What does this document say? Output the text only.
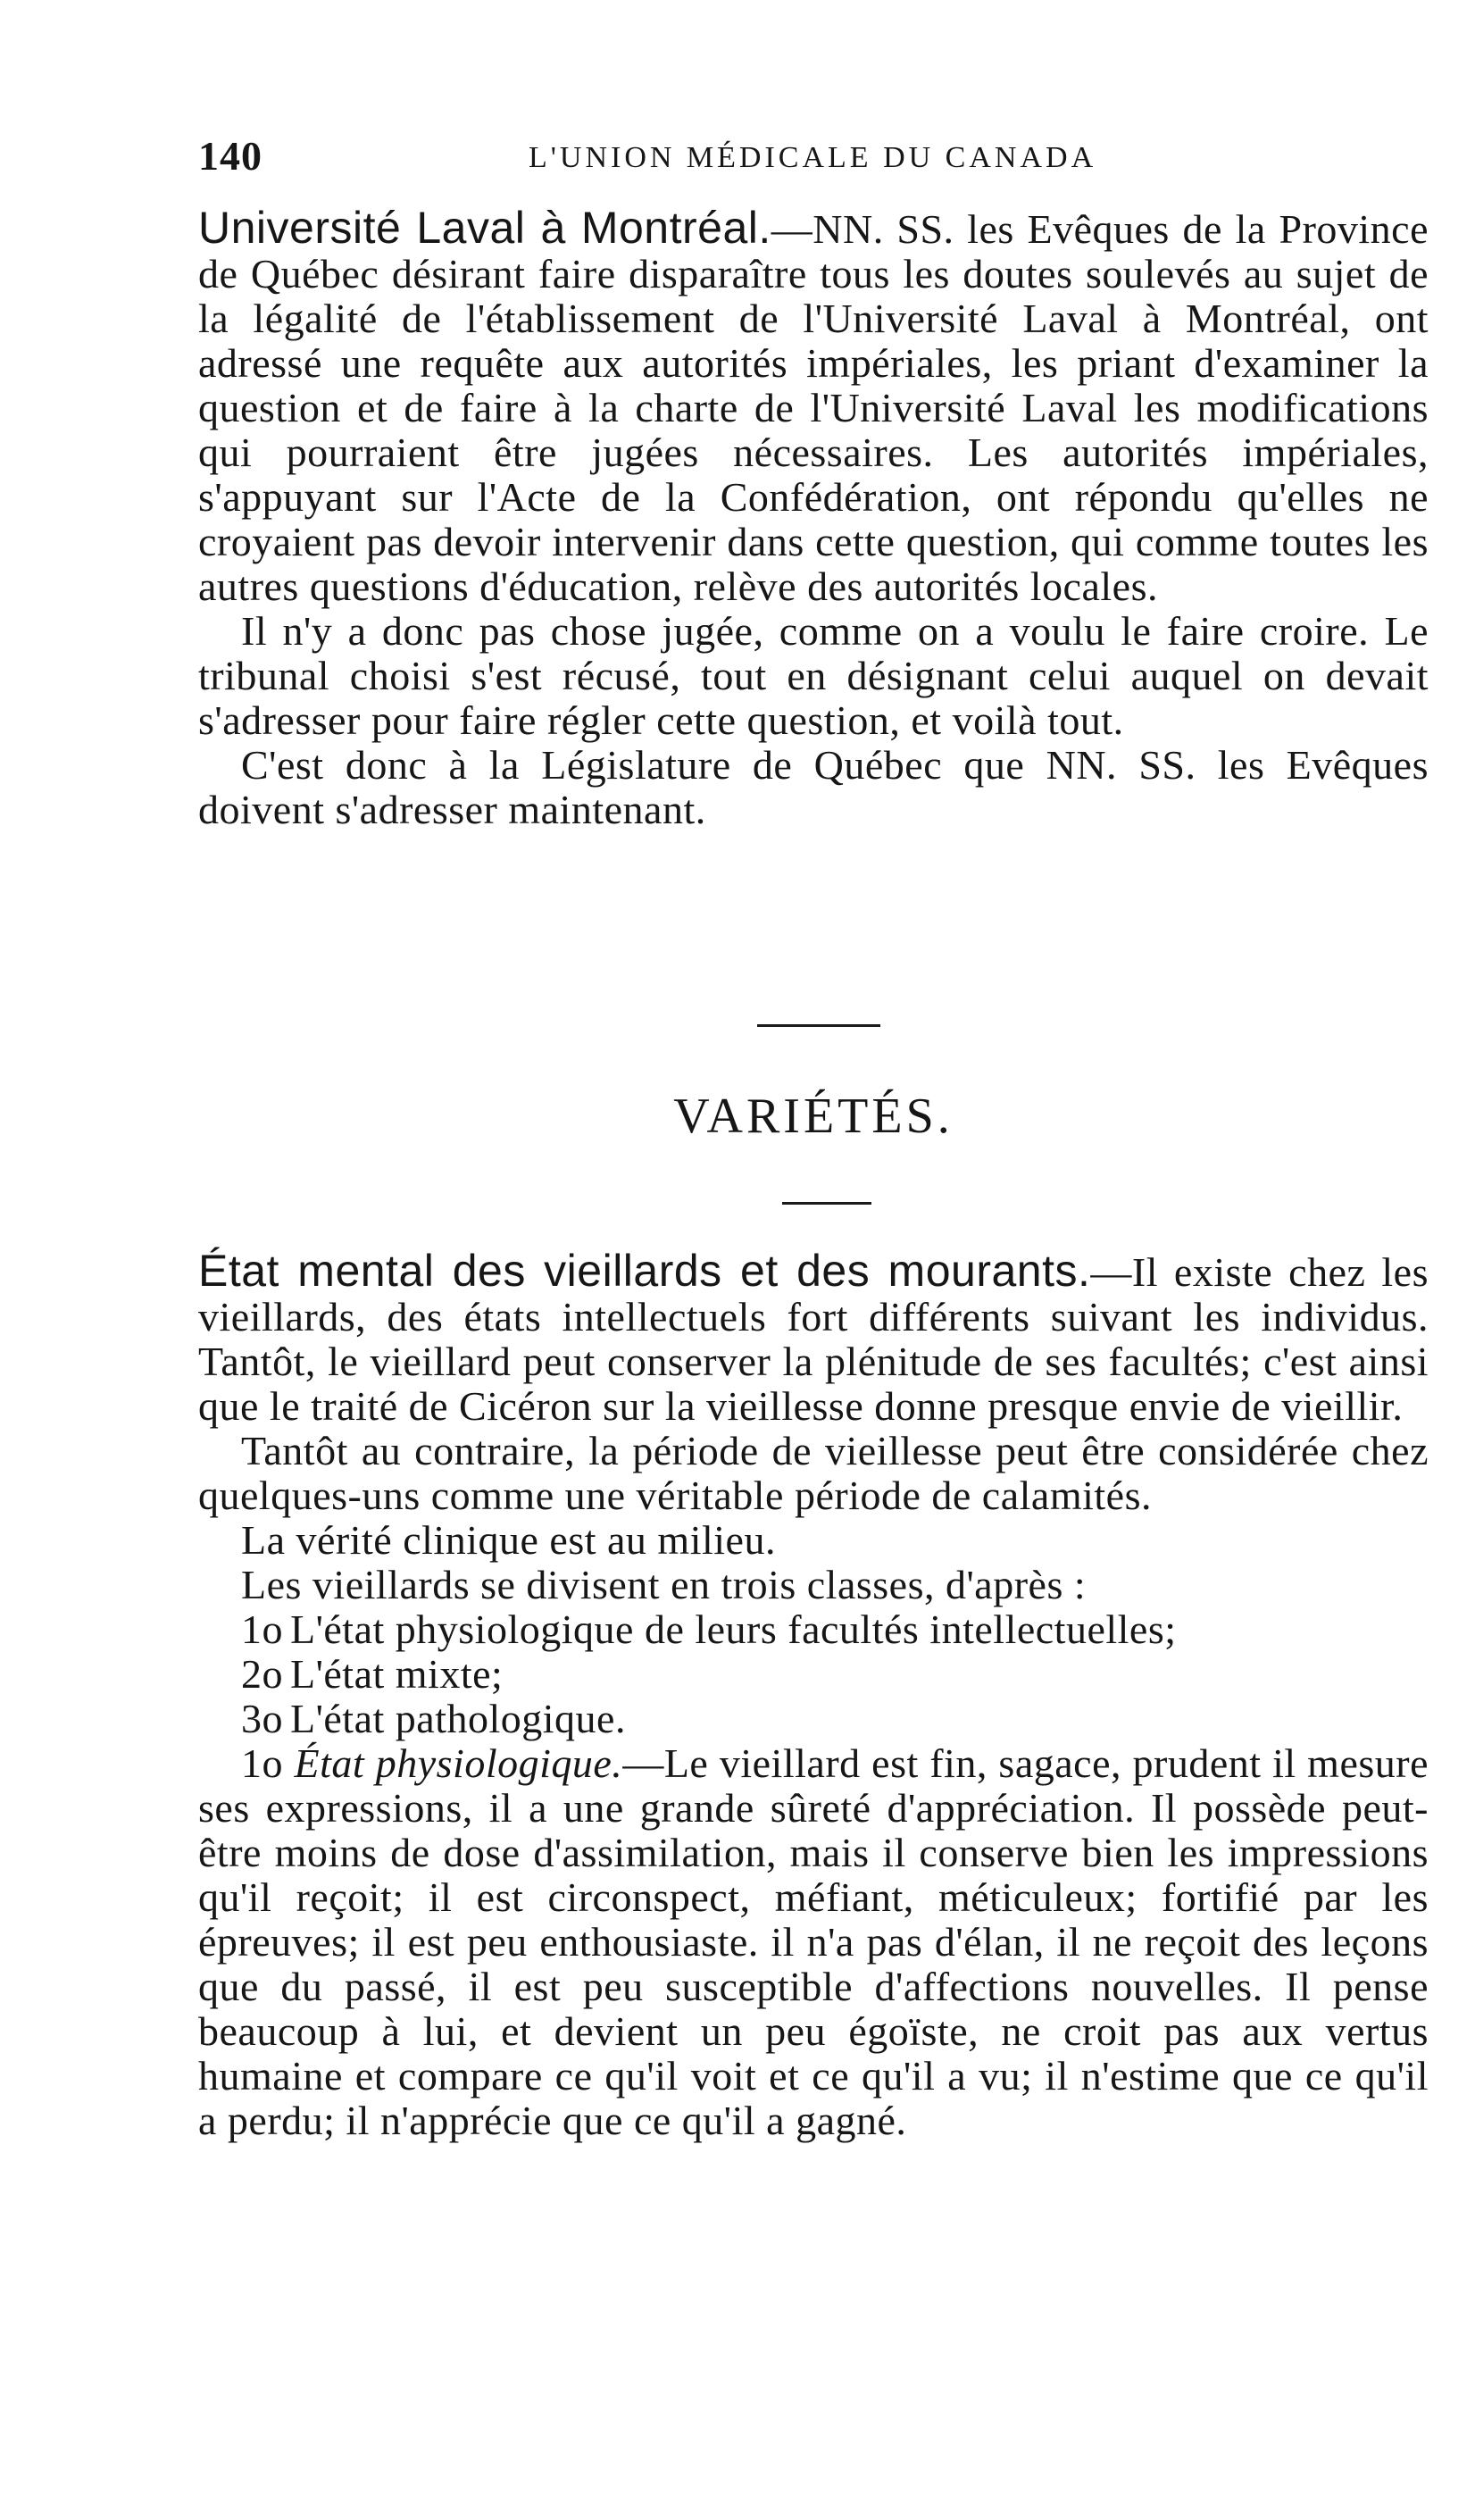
140	L'UNION MÉDICALE DU CANADA

Université Laval à Montréal.—NN. SS. les Evêques de la Province de Québec désirant faire disparaître tous les doutes soulevés au sujet de la légalité de l'établissement de l'Université Laval à Montréal, ont adressé une requête aux autorités impériales, les priant d'examiner la question et de faire à la charte de l'Université Laval les modifications qui pourraient être jugées nécessaires. Les autorités impériales, s'appuyant sur l'Acte de la Confédération, ont répondu qu'elles ne croyaient pas devoir intervenir dans cette question, qui comme toutes les autres questions d'éducation, relève des autorités locales.

Il n'y a donc pas chose jugée, comme on a voulu le faire croire. Le tribunal choisi s'est récusé, tout en désignant celui auquel on devait s'adresser pour faire régler cette question, et voilà tout.

C'est donc à la Législature de Québec que NN. SS. les Evêques doivent s'adresser maintenant.

VARIÉTÉS.

État mental des vieillards et des mourants.—Il existe chez les vieillards, des états intellectuels fort différents suivant les individus. Tantôt, le vieillard peut conserver la plénitude de ses facultés; c'est ainsi que le traité de Cicéron sur la vieillesse donne presque envie de vieillir.

Tantôt au contraire, la période de vieillesse peut être considérée chez quelques-uns comme une véritable période de calamités.

La vérité clinique est au milieu.

Les vieillards se divisent en trois classes, d'après :

1o L'état physiologique de leurs facultés intellectuelles;

2o L'état mixte;

3o L'état pathologique.

1o État physiologique.—Le vieillard est fin, sagace, prudent il mesure ses expressions, il a une grande sûreté d'appréciation. Il possède peut-être moins de dose d'assimilation, mais il conserve bien les impressions qu'il reçoit; il est circonspect, méfiant, méticuleux; fortifié par les épreuves; il est peu enthousiaste. il n'a pas d'élan, il ne reçoit des leçons que du passé, il est peu susceptible d'affections nouvelles. Il pense beaucoup à lui, et devient un peu égoïste, ne croit pas aux vertus humaine et compare ce qu'il voit et ce qu'il a vu; il n'estime que ce qu'il a perdu; il n'apprécie que ce qu'il a gagné.
